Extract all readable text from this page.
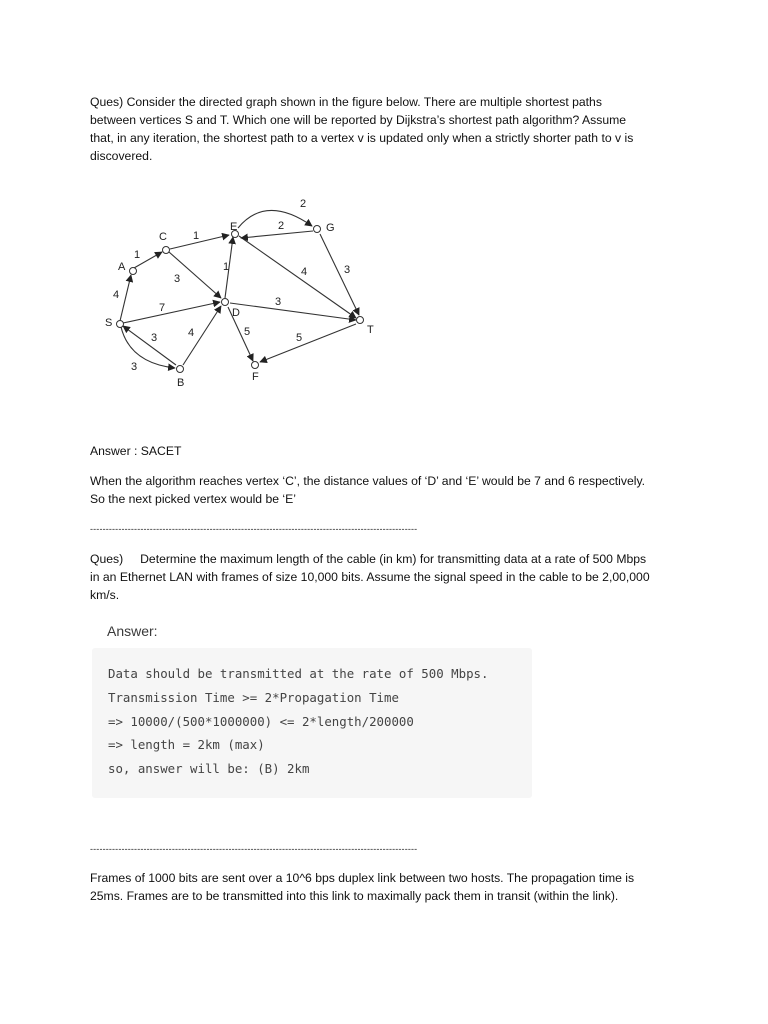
Ques) Consider the directed graph shown in the figure below. There are multiple shortest paths
between vertices S and T. Which one will be reported by Dijkstra’s shortest path algorithm? Assume
that, in any iteration, the shortest path to a vertex v is updated only when a strictly shorter path to v is
discovered.

S
A
B
C
D
E
F
G
T
4
1
1
3
7
3
3	4
1
3
5	5
4
2
2
3

Answer : SACET

When the algorithm reaches vertex ‘C’, the distance values of ‘D’ and ‘E’ would be 7 and 6 respectively.
So the next picked vertex would be ‘E’

--------------------------------------------------------------------------------------------------------

Ques)     Determine the maximum length of the cable (in km) for transmitting data at a rate of 500 Mbps
in an Ethernet LAN with frames of size 10,000 bits. Assume the signal speed in the cable to be 2,00,000
km/s.

Answer:
Data should be transmitted at the rate of 500 Mbps.
Transmission Time >= 2*Propagation Time
=> 10000/(500*1000000) <= 2*length/200000
=> length = 2km (max)
so, answer will be: (B) 2km
--------------------------------------------------------------------------------------------------------

Frames of 1000 bits are sent over a 10^6 bps duplex link between two hosts. The propagation time is
25ms. Frames are to be transmitted into this link to maximally pack them in transit (within the link).
